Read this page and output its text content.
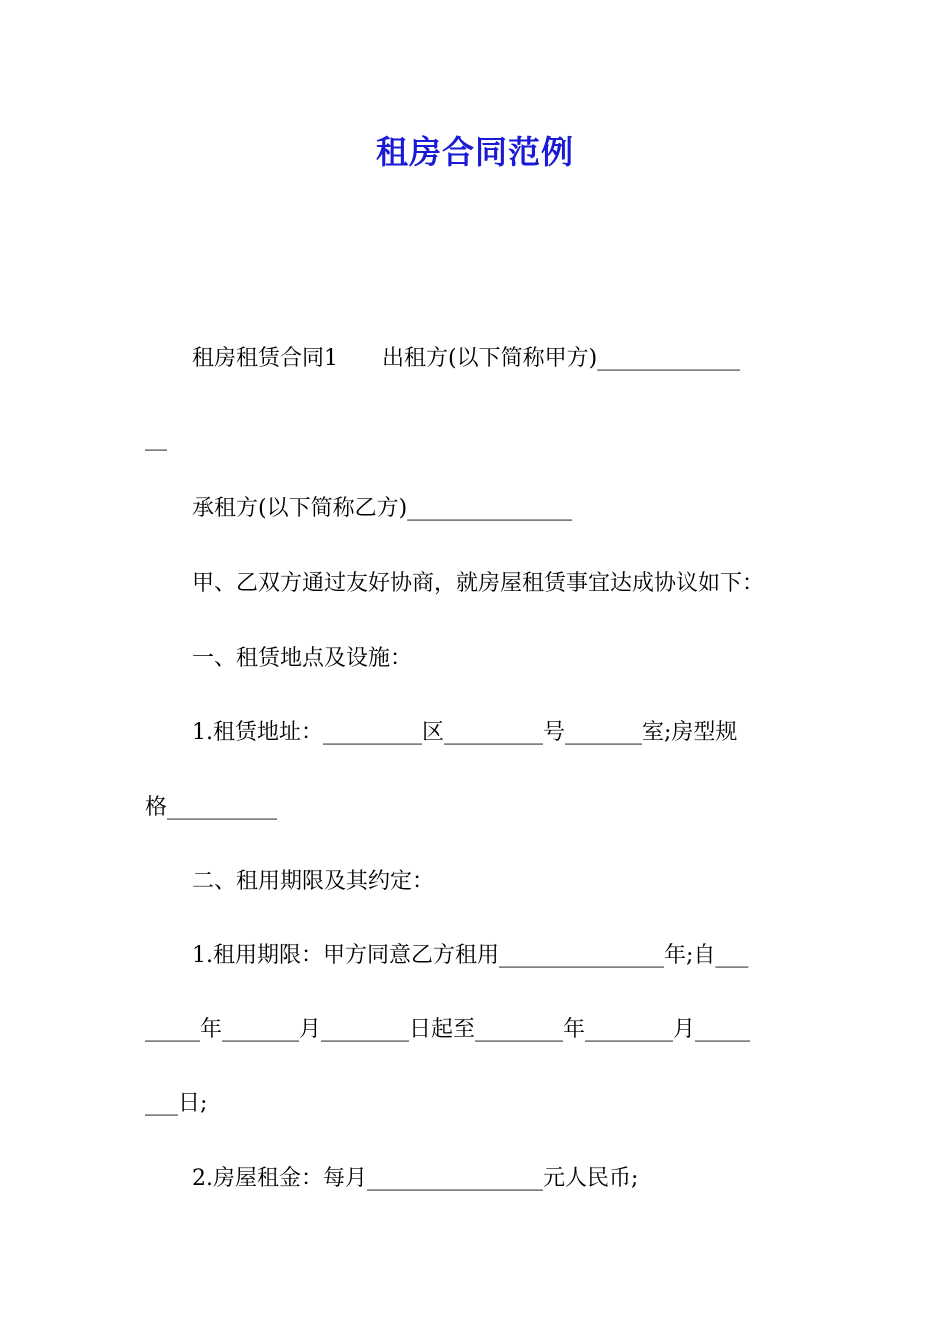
租房合同范例
租房租赁合同1　　出租方(以下简称甲方)_____________
__
承租方(以下简称乙方)_______________
甲、乙双方通过友好协商，就房屋租赁事宜达成协议如下：
一、租赁地点及设施：
1.租赁地址：_________区_________号_______室;房型规
格__________
二、租用期限及其约定：
1.租用期限：甲方同意乙方租用_______________年;自___
_____年_______月________日起至________年________月_____
___日;
2.房屋租金：每月________________元人民币;
